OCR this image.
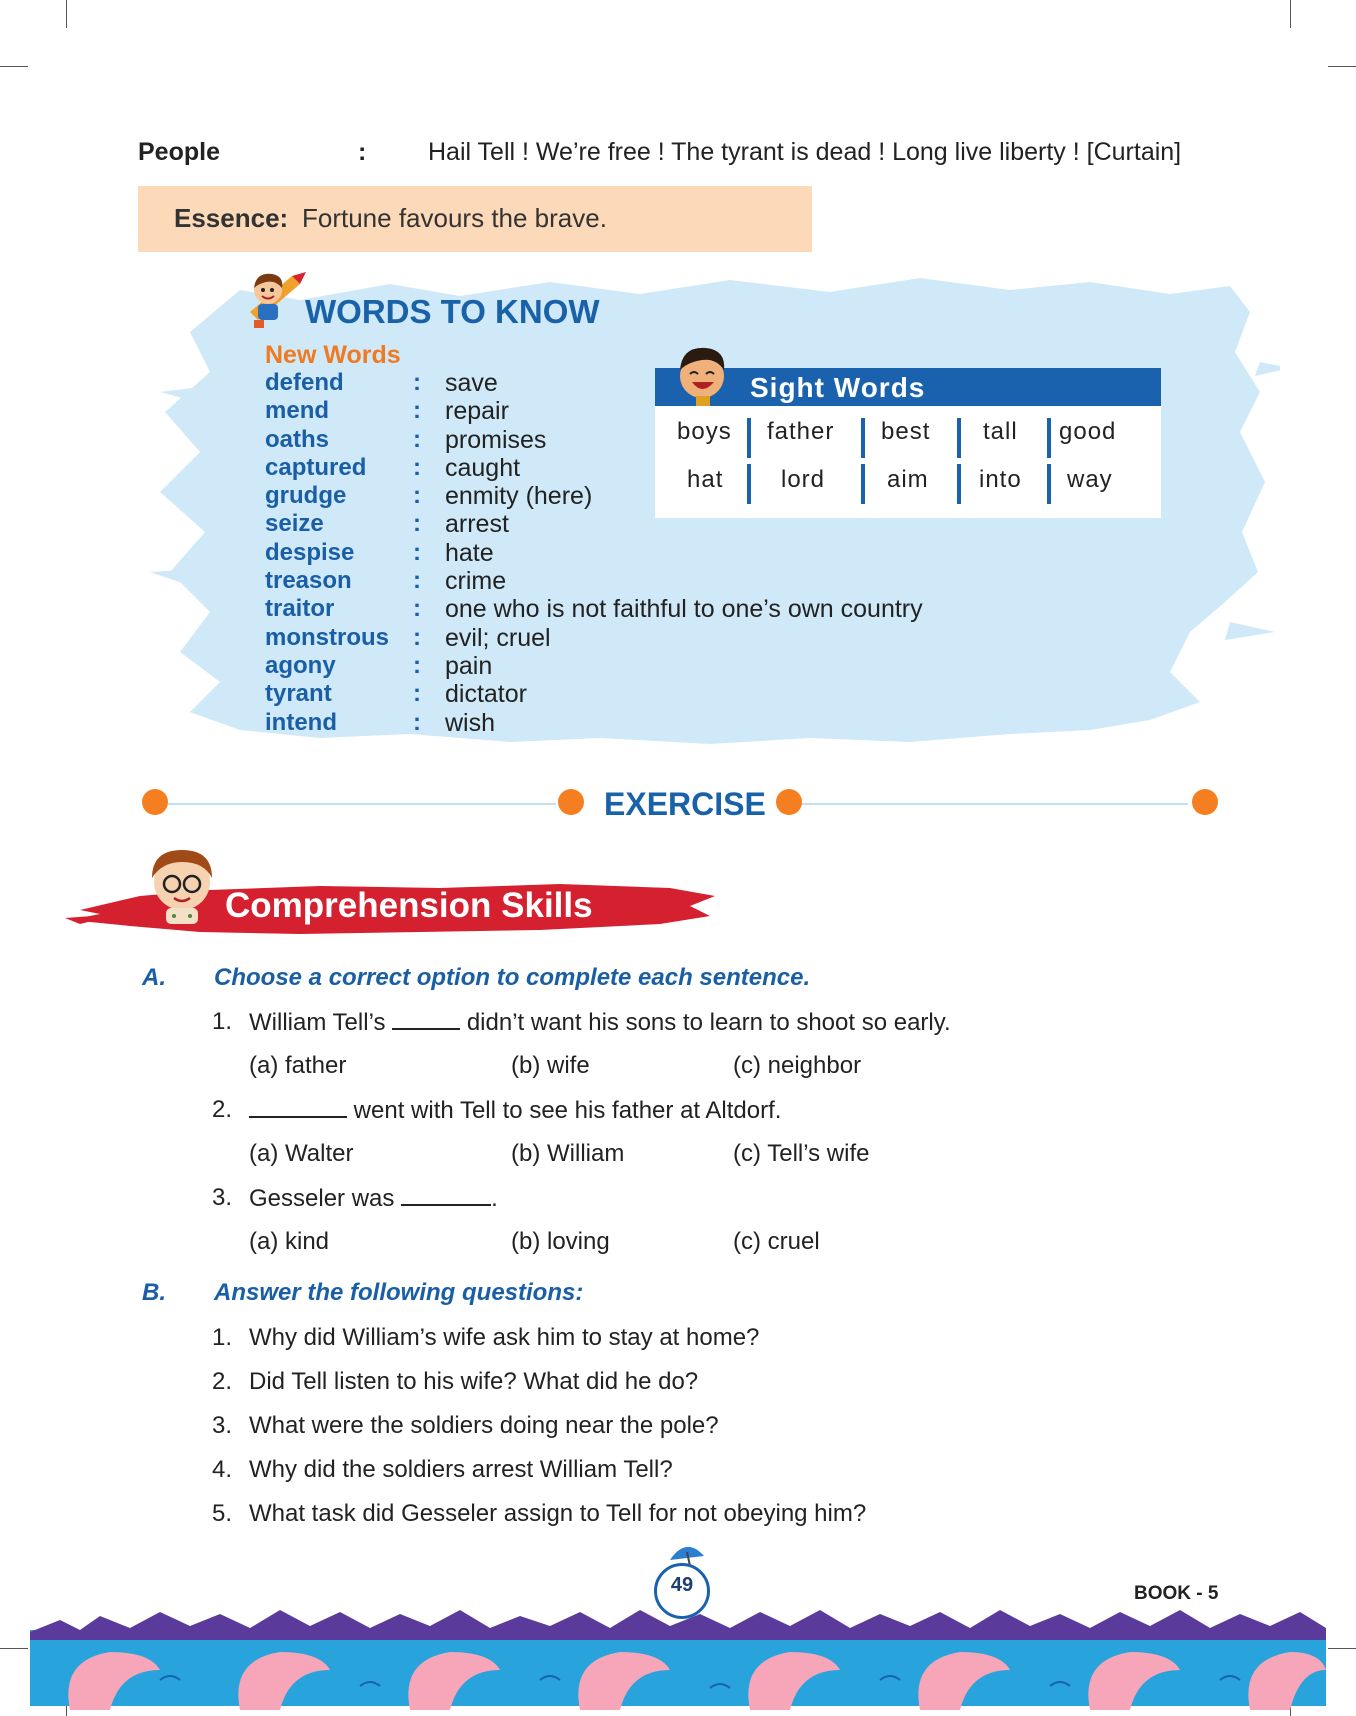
People	: Hail Tell ! We’re free ! The tyrant is dead ! Long live liberty ! [Curtain]
Essence: Fortune favours the brave.
WORDS TO KNOW
New Words
defend	: save
mend	: repair
oaths	: promises
captured : caught
grudge	: enmity (here)
seize	: arrest
despise : hate
treason	: crime
traitor	: one who is not faithful to one’s own country
monstrous : evil; cruel
agony	: pain
tyrant	: dictator
intend	: wish
Sight Words
boys father best tall good
hat lord	aim into way
EXERCISE
Comprehension Skills
A. Choose a correct option to complete each sentence.
1. William Tell’s	didn’t want his sons to learn to shoot so early.
(a) father	(b) wife	(c) neighbor
2.	went with Tell to see his father at Altdorf.
(a) Walter	(b) William	(c) Tell’s wife
3. Gesseler was	.
(a) kind	(b) loving	(c) cruel
B. Answer the following questions:
1. Why did William’s wife ask him to stay at home?
2. Did Tell listen to his wife? What did he do?
3. What were the soldiers doing near the pole?
4. Why did the soldiers arrest William Tell?
5. What task did Gesseler assign to Tell for not obeying him?
49	BOOK - 5
